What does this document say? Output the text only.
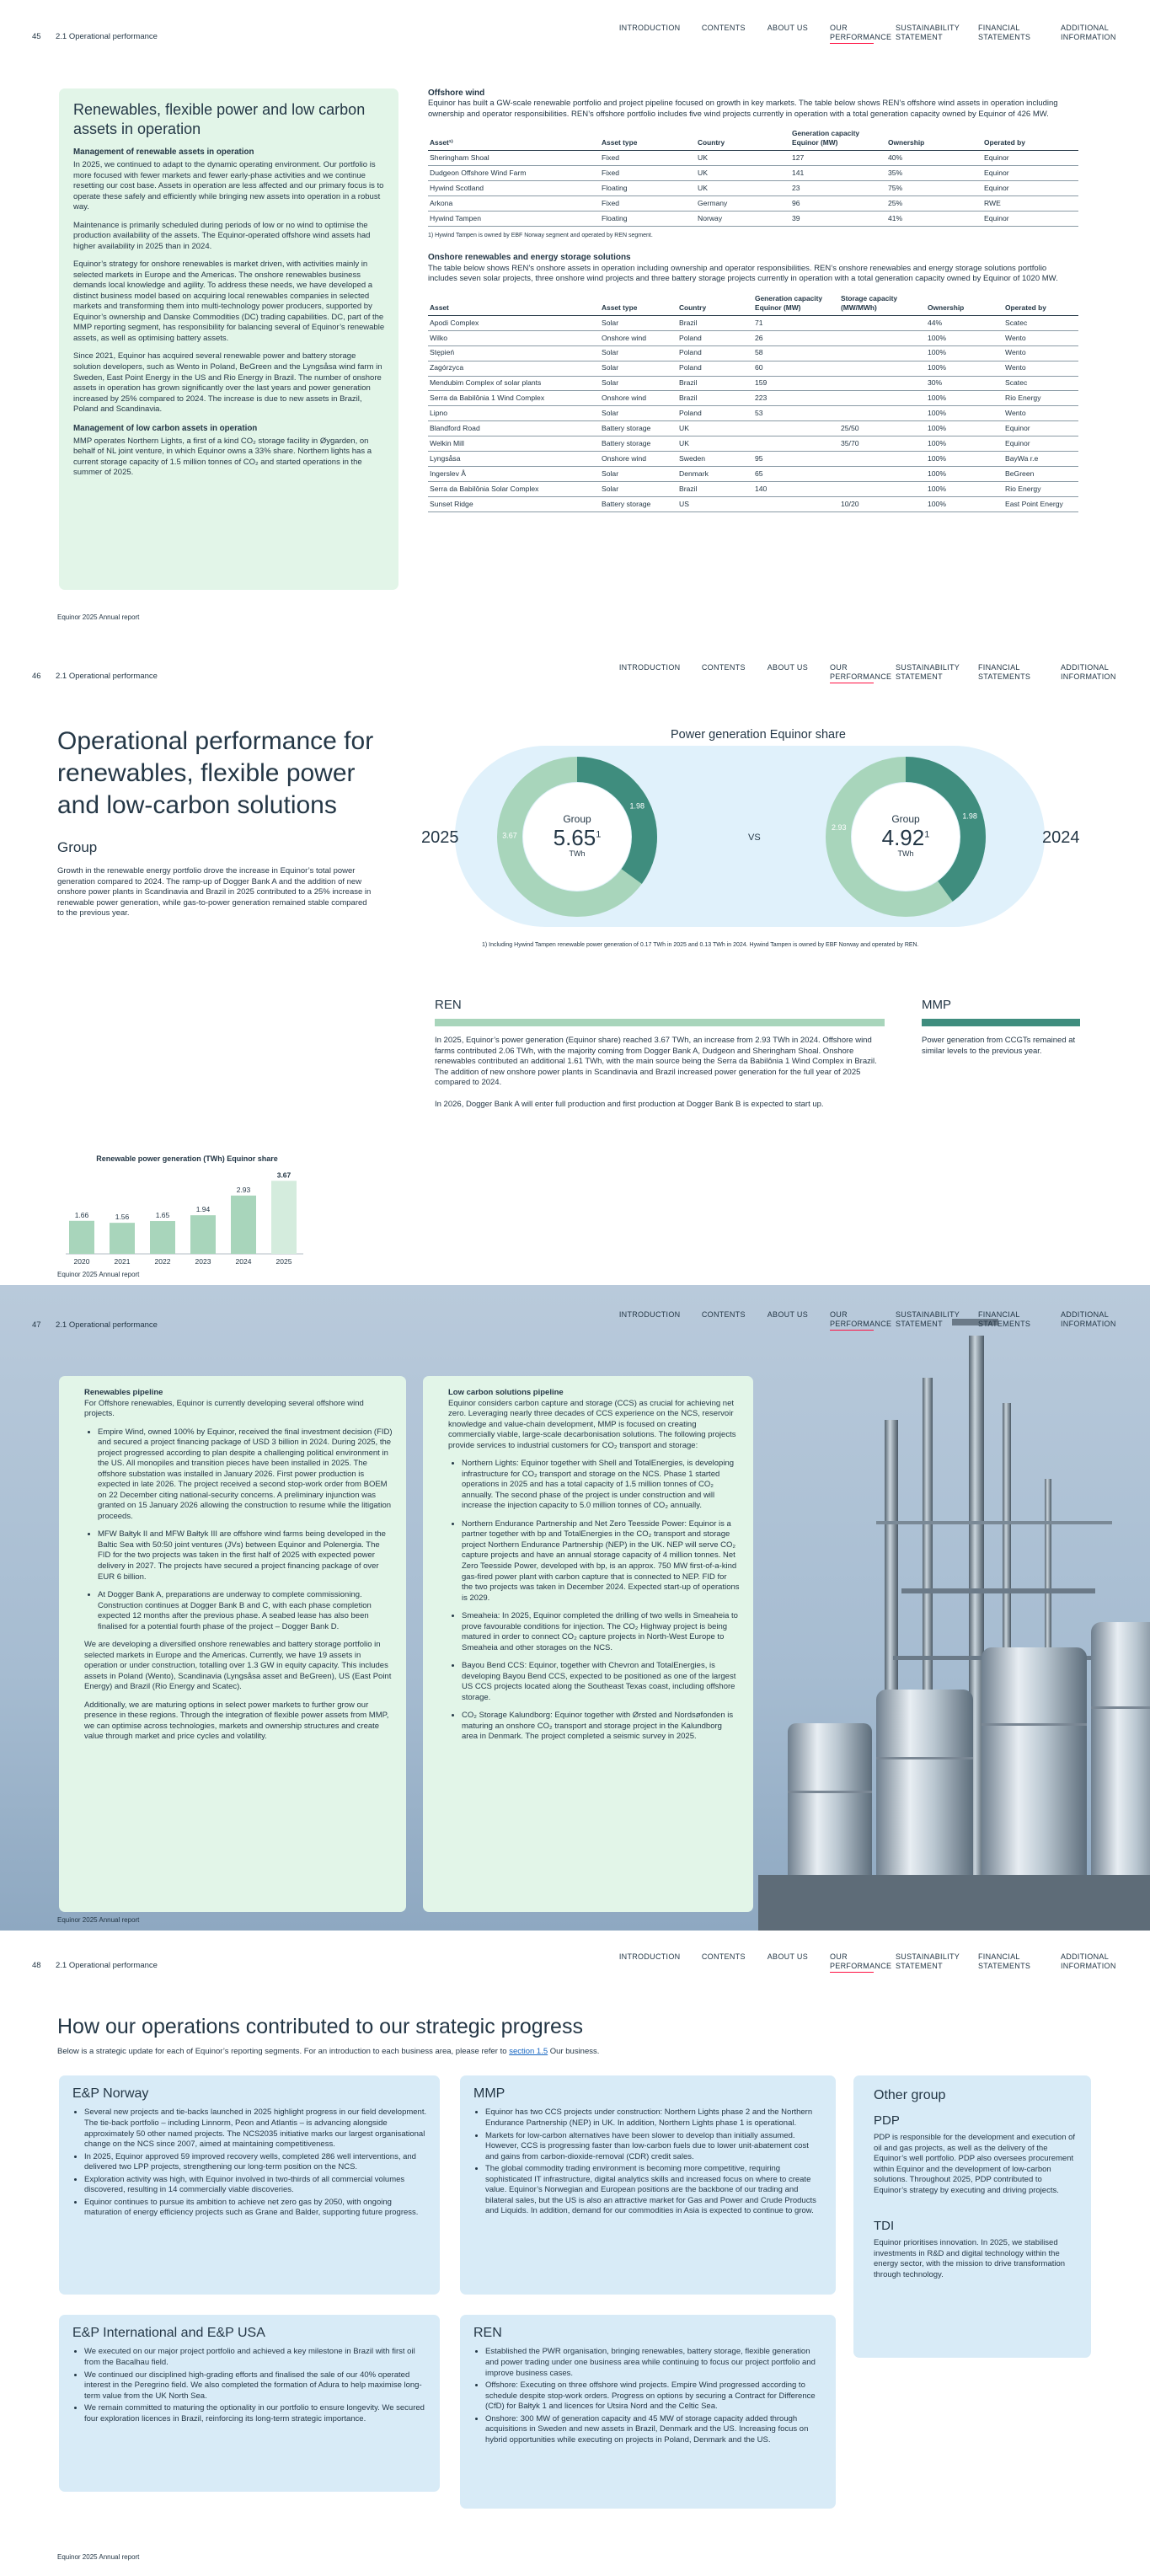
45 2.1 Operational performance
INTRODUCTION	CONTENTS	ABOUT US	OUR PERFORMANCE
SUSTAINABILITY STATEMENT
FINANCIAL STATEMENTS
ADDITIONAL INFORMATION
Renewables, flexible power and low carbon assets in operation
Management of renewable assets in operation

In 2025, we continued to adapt to the dynamic operating environment. Our portfolio is more focused with fewer markets and fewer early-phase activities and we continue resetting our cost base. Assets in operation are less affected and our primary focus is to operate these safely and efficiently while bringing new assets into operation in a robust way.

Maintenance is primarily scheduled during periods of low or no wind to optimise the production availability of the assets. The Equinor-operated offshore wind assets had higher availability in 2025 than in 2024.

Equinor’s strategy for onshore renewables is market driven, with activities mainly in selected markets in Europe and the Americas. The onshore renewables business demands local knowledge and agility. To address these needs, we have developed a distinct business model based on acquiring local renewables companies in selected markets and transforming them into multi-technology power producers, supported by Equinor’s ownership and Danske Commodities (DC) trading capabilities. DC, part of the MMP reporting segment, has responsibility for balancing several of Equinor’s renewable assets, as well as optimising battery assets.

Since 2021, Equinor has acquired several renewable power and battery storage solution developers, such as Wento in Poland, BeGreen and the Lyngsåsa wind farm in Sweden, East Point Energy in the US and Rio Energy in Brazil. The number of onshore assets in operation has grown significantly over the last years and power generation increased by 25% compared to 2024. The increase is due to new assets in Brazil, Poland and Scandinavia.

Management of low carbon assets in operation

MMP operates Northern Lights, a first of a kind CO₂ storage facility in Øygarden, on behalf of NL joint venture, in which Equinor owns a 33% share. Northern lights has a current storage capacity of 1.5 million tonnes of CO₂ and started operations in the summer of 2025.

Offshore wind

Equinor has built a GW-scale renewable portfolio and project pipeline focused on growth in key markets. The table below shows REN’s offshore wind assets in operation including ownership and operator responsibilities. REN’s offshore portfolio includes five wind projects currently in operation with a total generation capacity owned by Equinor of 426 MW.

Asset¹⁾	Asset type	Country	Generation capacity Equinor (MW)	Ownership	Operated by
Sheringham Shoal	Fixed	UK	127	40%	Equinor
Dudgeon Offshore Wind Farm	Fixed	UK	141	35%	Equinor
Hywind Scotland	Floating	UK	23	75%	Equinor
Arkona	Fixed	Germany	96	25%	RWE
Hywind Tampen	Floating	Norway	39	41%	Equinor
1) Hywind Tampen is owned by EBF Norway segment and operated by REN segment.
Onshore renewables and energy storage solutions

The table below shows REN’s onshore assets in operation including ownership and operator responsibilities. REN’s onshore renewables and energy storage solutions portfolio includes seven solar projects, three onshore wind projects and three battery storage projects currently in operation with a total generation capacity owned by Equinor of 1020 MW.

Asset	Asset type	Country	Generation capacity Equinor (MW)	Storage capacity (MW/MWh)	Ownership	Operated by
Apodi Complex	Solar	Brazil	71		44%	Scatec
Wilko	Onshore wind	Poland	26		100%	Wento
Stępień	Solar	Poland	58		100%	Wento
Zagórzyca	Solar	Poland	60		100%	Wento
Mendubim Complex of solar plants	Solar	Brazil	159		30%	Scatec
Serra da Babilônia 1 Wind Complex	Onshore wind	Brazil	223		100%	Rio Energy
Lipno	Solar	Poland	53		100%	Wento
Blandford Road	Battery storage	UK		25/50	100%	Equinor
Welkin Mill	Battery storage	UK		35/70	100%	Equinor
Lyngsåsa	Onshore wind	Sweden	95		100%	BayWa r.e
Ingerslev Å	Solar	Denmark	65		100%	BeGreen
Serra da Babilônia Solar Complex	Solar	Brazil	140		100%	Rio Energy
Sunset Ridge	Battery storage	US		10/20	100%	East Point Energy
Equinor 2025 Annual report
46 2.1 Operational performance
INTRODUCTION	CONTENTS	ABOUT US	OUR PERFORMANCE
SUSTAINABILITY STATEMENT
FINANCIAL STATEMENTS
ADDITIONAL INFORMATION
Operational performance for renewables, flexible power and low-carbon solutions
Group

Growth in the renewable energy portfolio drove the increase in Equinor’s total power generation compared to 2024. The ramp-up of Dogger Bank A and the addition of new onshore power plants in Scandinavia and Brazil in 2025 contributed to a 25% increase in renewable power generation, while gas-to-power generation remained stable compared to the previous year.

Renewable power generation (TWh) Equinor share
1.66
2020
1.56
2021
1.65
2022
1.94
2023
2.93
2024
3.67
2025
Power generation Equinor share
2025	2024
VS
1.98
3.67
1.98
2.93
Group
5.65$^1$
TWh
Group
4.92$^1$
TWh
1) Including Hywind Tampen renewable power generation of 0.17 TWh in 2025 and 0.13 TWh in 2024. Hywind Tampen is owned by EBF Norway and operated by REN.
REN

In 2025, Equinor’s power generation (Equinor share) reached 3.67 TWh, an increase from 2.93 TWh in 2024. Offshore wind farms contributed 2.06 TWh, with the majority coming from Dogger Bank A, Dudgeon and Sheringham Shoal. Onshore renewables contributed an additional 1.61 TWh, with the main source being the Serra da Babilônia 1 Wind Complex in Brazil. The addition of new onshore power plants in Scandinavia and Brazil increased power generation for the full year of 2025 compared to 2024.

In 2026, Dogger Bank A will enter full production and first production at Dogger Bank B is expected to start up.

MMP

Power generation from CCGTs remained at similar levels to the previous year.

Equinor 2025 Annual report
47 2.1 Operational performance
INTRODUCTION	CONTENTS	ABOUT US	OUR PERFORMANCE
SUSTAINABILITY STATEMENT
FINANCIAL STATEMENTS
ADDITIONAL INFORMATION
Renewables pipeline

For Offshore renewables, Equinor is currently developing several offshore wind projects.

• Empire Wind, owned 100% by Equinor, received the final investment decision (FID) and secured a project financing package of USD 3 billion in 2024. During 2025, the project progressed according to plan despite a challenging political environment in the US. All monopiles and transition pieces have been installed in 2025. The offshore substation was installed in January 2026. First power production is expected in late 2026. The project received a second stop-work order from BOEM on 22 December citing national-security concerns. A preliminary injunction was granted on 15 January 2026 allowing the construction to resume while the litigation proceeds.
• MFW Bałtyk II and MFW Bałtyk III are offshore wind farms being developed in the Baltic Sea with 50:50 joint ventures (JVs) between Equinor and Polenergia. The FID for the two projects was taken in the first half of 2025 with expected power delivery in 2027. The projects have secured a project financing package of over EUR 6 billion.
• At Dogger Bank A, preparations are underway to complete commissioning. Construction continues at Dogger Bank B and C, with each phase completion expected 12 months after the previous phase. A seabed lease has also been finalised for a potential fourth phase of the project – Dogger Bank D.

We are developing a diversified onshore renewables and battery storage portfolio in selected markets in Europe and the Americas. Currently, we have 19 assets in operation or under construction, totalling over 1.3 GW in equity capacity. This includes assets in Poland (Wento), Scandinavia (Lyngsåsa asset and BeGreen), US (East Point Energy) and Brazil (Rio Energy and Scatec).

Additionally, we are maturing options in select power markets to further grow our presence in these regions. Through the integration of flexible power assets from MMP, we can optimise across technologies, markets and ownership structures and create value through market and price cycles and volatility.

Low carbon solutions pipeline

Equinor considers carbon capture and storage (CCS) as crucial for achieving net zero. Leveraging nearly three decades of CCS experience on the NCS, reservoir knowledge and value-chain development, MMP is focused on creating commercially viable, large-scale decarbonisation solutions. The following projects provide services to industrial customers for CO₂ transport and storage:

• Northern Lights: Equinor together with Shell and TotalEnergies, is developing infrastructure for CO₂ transport and storage on the NCS. Phase 1 started operations in 2025 and has a total capacity of 1.5 million tonnes of CO₂ annually. The second phase of the project is under construction and will increase the injection capacity to 5.0 million tonnes of CO₂ annually.
• Northern Endurance Partnership and Net Zero Teesside Power: Equinor is a partner together with bp and TotalEnergies in the CO₂ transport and storage project Northern Endurance Partnership (NEP) in the UK. NEP will serve CO₂ capture projects and have an annual storage capacity of 4 million tonnes. Net Zero Teesside Power, developed with bp, is an approx. 750 MW first-of-a-kind gas-fired power plant with carbon capture that is connected to NEP. FID for the two projects was taken in December 2024. Expected start-up of operations is 2029.
• Smeaheia: In 2025, Equinor completed the drilling of two wells in Smeaheia to prove favourable conditions for injection. The CO₂ Highway project is being matured in order to connect CO₂ capture projects in North-West Europe to Smeaheia and other storages on the NCS.
• Bayou Bend CCS: Equinor, together with Chevron and TotalEnergies, is developing Bayou Bend CCS, expected to be positioned as one of the largest US CCS projects located along the Southeast Texas coast, including offshore storage.
• CO₂ Storage Kalundborg: Equinor together with Ørsted and Nordsøfonden is maturing an onshore CO₂ transport and storage project in the Kalundborg area in Denmark. The project completed a seismic survey in 2025.
Equinor 2025 Annual report
48 2.1 Operational performance
INTRODUCTION	CONTENTS	ABOUT US	OUR PERFORMANCE
SUSTAINABILITY STATEMENT
FINANCIAL STATEMENTS
ADDITIONAL INFORMATION
How our operations contributed to our strategic progress

Below is a strategic update for each of Equinor’s reporting segments. For an introduction to each business area, please refer to section 1.5 Our business.

E&P Norway
• Several new projects and tie-backs launched in 2025 highlight progress in our field development. The tie-back portfolio – including Linnorm, Peon and Atlantis – is advancing alongside approximately 50 other named projects. The NCS2035 initiative marks our largest organisational change on the NCS since 2007, aimed at maintaining competitiveness.
• In 2025, Equinor approved 59 improved recovery wells, completed 286 well interventions, and delivered two LPP projects, strengthening our long-term position on the NCS.
• Exploration activity was high, with Equinor involved in two-thirds of all commercial volumes discovered, resulting in 14 commercially viable discoveries.
• Equinor continues to pursue its ambition to achieve net zero gas by 2050, with ongoing maturation of energy efficiency projects such as Grane and Balder, supporting future progress.
MMP
• Equinor has two CCS projects under construction: Northern Lights phase 2 and the Northern Endurance Partnership (NEP) in UK. In addition, Northern Lights phase 1 is operational.
• Markets for low-carbon alternatives have been slower to develop than initially assumed. However, CCS is progressing faster than low-carbon fuels due to lower unit-abatement cost and gains from carbon-dioxide-removal (CDR) credit sales.
• The global commodity trading environment is becoming more competitive, requiring sophisticated IT infrastructure, digital analytics skills and increased focus on where to create value. Equinor’s Norwegian and European positions are the backbone of our trading and bilateral sales, but the US is also an attractive market for Gas and Power and Crude Products and Liquids. In addition, demand for our commodities in Asia is expected to continue to grow.
Other group
PDP

PDP is responsible for the development and execution of oil and gas projects, as well as the delivery of the Equinor’s well portfolio. PDP also oversees procurement within Equinor and the development of low-carbon solutions. Throughout 2025, PDP contributed to Equinor’s strategy by executing and driving projects.

TDI

Equinor prioritises innovation. In 2025, we stabilised investments in R&D and digital technology within the energy sector, with the mission to drive transformation through technology.

E&P International and E&P USA
• We executed on our major project portfolio and achieved a key milestone in Brazil with first oil from the Bacalhau field.
• We continued our disciplined high-grading efforts and finalised the sale of our 40% operated interest in the Peregrino field. We also completed the formation of Adura to help maximise long-term value from the UK North Sea.
• We remain committed to maturing the optionality in our portfolio to ensure longevity. We secured four exploration licences in Brazil, reinforcing its long-term strategic importance.
REN
• Established the PWR organisation, bringing renewables, battery storage, flexible generation and power trading under one business area while continuing to focus our project portfolio and improve business cases.
• Offshore: Executing on three offshore wind projects. Empire Wind progressed according to schedule despite stop-work orders. Progress on options by securing a Contract for Difference (CfD) for Bałtyk 1 and licences for Utsira Nord and the Celtic Sea.
• Onshore: 300 MW of generation capacity and 45 MW of storage capacity added through acquisitions in Sweden and new assets in Brazil, Denmark and the US. Increasing focus on hybrid opportunities while executing on projects in Poland, Denmark and the US.
Equinor 2025 Annual report
